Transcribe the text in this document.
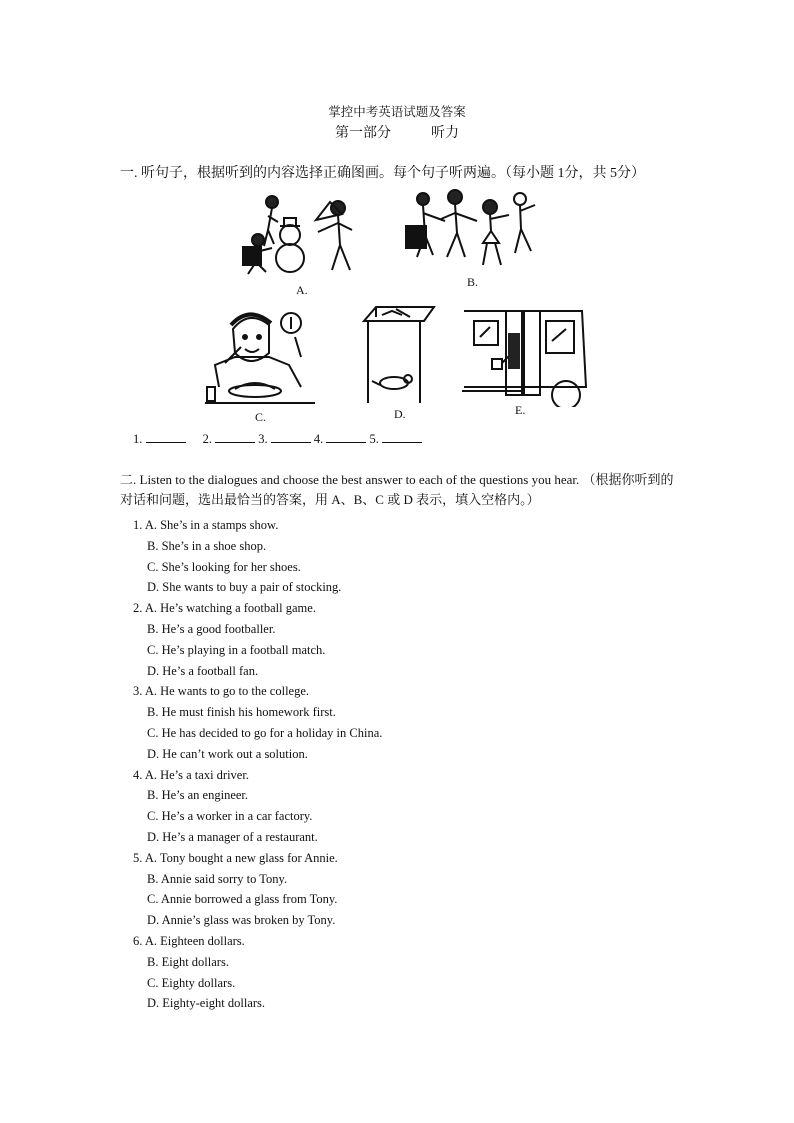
掌控中考英语试题及答案
第一部分	听力
一. 听句子，根据听到的内容选择正确图画。每个句子听两遍。（每小题 1分，共 5分）
A.
B.
C.	D.	E.
1.	2.	3.	4.	5.
二. Listen to the dialogues and choose the best answer to each of the questions you hear. （根据你听到的对话和问题，选出最恰当的答案，用 A、B、C 或 D 表示，填入空格内。）
1. A. She’s in a stamps show.
B. She’s in a shoe shop.
C. She’s looking for her shoes.
D. She wants to buy a pair of stocking.
2. A. He’s watching a football game.
B. He’s a good footballer.
C. He’s playing in a football match.
D. He’s a football fan.
3. A. He wants to go to the college.
B. He must finish his homework first.
C. He has decided to go for a holiday in China.
D. He can’t work out a solution.
4. A. He’s a taxi driver.
B. He’s an engineer.
C. He’s a worker in a car factory.
D. He’s a manager of a restaurant.
5. A. Tony bought a new glass for Annie.
B. Annie said sorry to Tony.
C. Annie borrowed a glass from Tony.
D. Annie’s glass was broken by Tony.
6. A. Eighteen dollars.
B. Eight dollars.
C. Eighty dollars.
D. Eighty-eight dollars.
